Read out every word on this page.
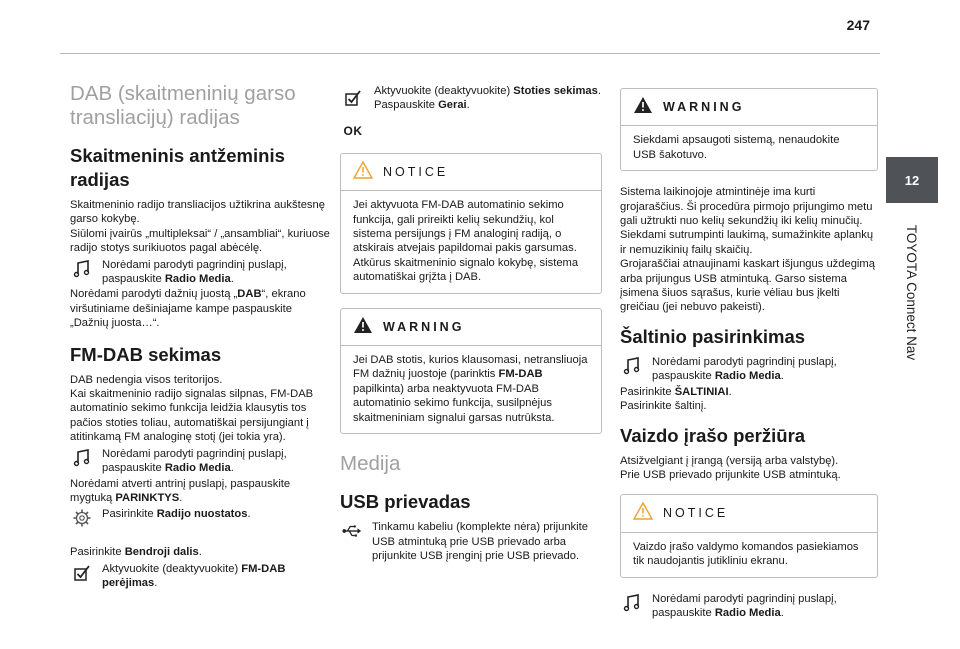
247
12
TOYOTA Connect Nav
DAB (skaitmeninių garso transliacijų) radijas
Skaitmeninis antžeminis radijas

Skaitmeninio radijo transliacijos užtikrina aukštesnę garso kokybę.

Siūlomi įvairūs „multipleksai“ / „ansambliai“, kuriuose radijo stotys surikiuotos pagal abėcėlę.

Norėdami parodyti pagrindinį puslapį, paspauskite Radio Media.

Norėdami parodyti dažnių juostą „DAB“, ekrano viršutiniame dešiniajame kampe paspauskite „Dažnių juosta…“.

FM-DAB sekimas

DAB nedengia visos teritorijos.

Kai skaitmeninio radijo signalas silpnas, FM-DAB automatinio sekimo funkcija leidžia klausytis tos pačios stoties toliau, automatiškai persijungiant į atitinkamą FM analoginę stotį (jei tokia yra).

Norėdami parodyti pagrindinį puslapį, paspauskite Radio Media.

Norėdami atverti antrinį puslapį, paspauskite mygtuką PARINKTYS.

Pasirinkite Radijo nuostatos.

Pasirinkite Bendroji dalis.

Aktyvuokite (deaktyvuokite) FM-DAB perėjimas.
OK

Aktyvuokite (deaktyvuokite) Stoties sekimas.

Paspauskite Gerai.

NOTICE
Jei aktyvuota FM-DAB automatinio sekimo funkcija, gali prireikti kelių sekundžių, kol sistema persijungs į FM analoginį radiją, o atskirais atvejais papildomai pakis garsumas. Atkūrus skaitmeninio signalo kokybę, sistema automatiškai grįžta į DAB.
WARNING
Jei DAB stotis, kurios klausomasi, netransliuoja FM dažnių juostoje (parinktis FM-DAB papilkinta) arba neaktyvuota FM-DAB automatinio sekimo funkcija, susilpnėjus skaitmeniniam signalui garsas nutrūksta.
Medija
USB prievadas
Tinkamu kabeliu (komplekte nėra) prijunkite USB atmintuką prie USB prievado arba prijunkite USB įrenginį prie USB prievado.
WARNING
Siekdami apsaugoti sistemą, nenaudokite USB šakotuvo.

Sistema laikinojoje atmintinėje ima kurti grojaraščius. Ši procedūra pirmojo prijungimo metu gali užtrukti nuo kelių sekundžių iki kelių minučių.

Siekdami sutrumpinti laukimą, sumažinkite aplankų ir nemuzikinių failų skaičių.

Grojaraščiai atnaujinami kaskart išjungus uždegimą arba prijungus USB atmintuką. Garso sistema įsimena šiuos sąrašus, kurie vėliau bus įkelti greičiau (jei nebuvo pakeisti).

Šaltinio pasirinkimas
Norėdami parodyti pagrindinį puslapį, paspauskite Radio Media.

Pasirinkite ŠALTINIAI.

Pasirinkite šaltinį.

Vaizdo įrašo peržiūra

Atsižvelgiant į įrangą (versiją arba valstybę).

Prie USB prievado prijunkite USB atmintuką.

NOTICE
Vaizdo įrašo valdymo komandos pasiekiamos tik naudojantis jutikliniu ekranu.
Norėdami parodyti pagrindinį puslapį, paspauskite Radio Media.
